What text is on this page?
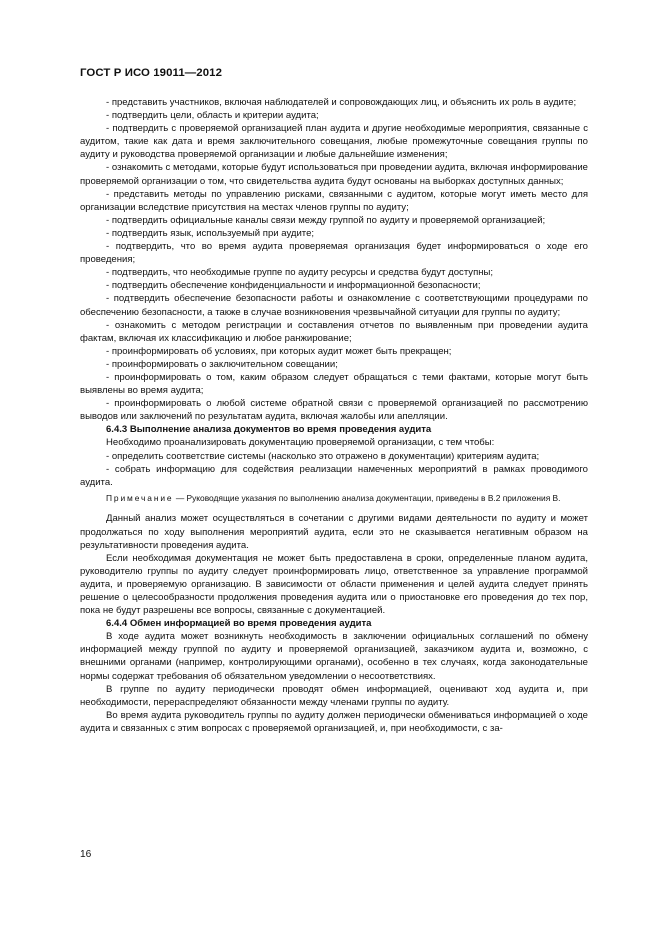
ГОСТ Р ИСО 19011—2012

- представить участников, включая наблюдателей и сопровождающих лиц, и объяснить их роль в аудите;

- подтвердить цели, область и критерии аудита;

- подтвердить с проверяемой организацией план аудита и другие необходимые мероприятия, связанные с аудитом, такие как дата и время заключительного совещания, любые промежуточные совещания группы по аудиту и руководства проверяемой организации и любые дальнейшие изменения;

- ознакомить с методами, которые будут использоваться при проведении аудита, включая информирование проверяемой организации о том, что свидетельства аудита будут основаны на выборках доступных данных;

- представить методы по управлению рисками, связанными с аудитом, которые могут иметь место для организации вследствие присутствия на местах членов группы по аудиту;

- подтвердить официальные каналы связи между группой по аудиту и проверяемой организацией;

- подтвердить язык, используемый при аудите;

- подтвердить, что во время аудита проверяемая организация будет информироваться о ходе его проведения;

- подтвердить, что необходимые группе по аудиту ресурсы и средства будут доступны;

- подтвердить обеспечение конфиденциальности и информационной безопасности;

- подтвердить обеспечение безопасности работы и ознакомление с соответствующими процедурами по обеспечению безопасности, а также в случае возникновения чрезвычайной ситуации для группы по аудиту;

- ознакомить с методом регистрации и составления отчетов по выявленным при проведении аудита фактам, включая их классификацию и любое ранжирование;

- проинформировать об условиях, при которых аудит может быть прекращен;

- проинформировать о заключительном совещании;

- проинформировать о том, каким образом следует обращаться с теми фактами, которые могут быть выявлены во время аудита;

- проинформировать о любой системе обратной связи с проверяемой организацией по рассмотрению выводов или заключений по результатам аудита, включая жалобы или апелляции.

6.4.3 Выполнение анализа документов во время проведения аудита

Необходимо проанализировать документацию проверяемой организации, с тем чтобы:

- определить соответствие системы (насколько это отражено в документации) критериям аудита;

- собрать информацию для содействия реализации намеченных мероприятий в рамках проводимого аудита.

Примечание — Руководящие указания по выполнению анализа документации, приведены в B.2 приложения B.

Данный анализ может осуществляться в сочетании с другими видами деятельности по аудиту и может продолжаться по ходу выполнения мероприятий аудита, если это не сказывается негативным образом на результативности проведения аудита.

Если необходимая документация не может быть предоставлена в сроки, определенные планом аудита, руководителю группы по аудиту следует проинформировать лицо, ответственное за управление программой аудита, и проверяемую организацию. В зависимости от области применения и целей аудита следует принять решение о целесообразности продолжения проведения аудита или о приостановке его проведения до тех пор, пока не будут разрешены все вопросы, связанные с документацией.

6.4.4 Обмен информацией во время проведения аудита

В ходе аудита может возникнуть необходимость в заключении официальных соглашений по обмену информацией между группой по аудиту и проверяемой организацией, заказчиком аудита и, возможно, с внешними органами (например, контролирующими органами), особенно в тех случаях, когда законодательные нормы содержат требования об обязательном уведомлении о несоответствиях.

В группе по аудиту периодически проводят обмен информацией, оценивают ход аудита и, при необходимости, перераспределяют обязанности между членами группы по аудиту.

Во время аудита руководитель группы по аудиту должен периодически обмениваться информацией о ходе аудита и связанных с этим вопросах с проверяемой организацией, и, при необходимости, с за-

16
